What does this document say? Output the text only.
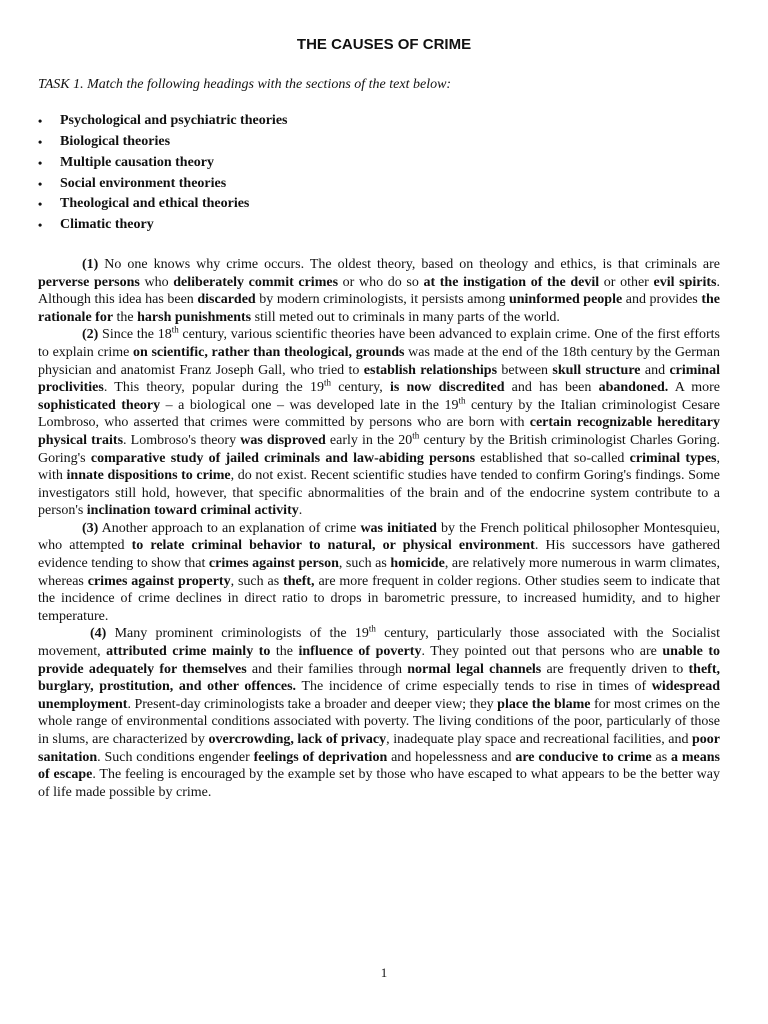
THE CAUSES OF CRIME
TASK 1. Match the following headings with the sections of the text below:
• Psychological and psychiatric theories
• Biological theories
• Multiple causation theory
• Social environment theories
• Theological and ethical theories
• Climatic theory

(1) No one knows why crime occurs. The oldest theory, based on theology and ethics, is that criminals are perverse persons who deliberately commit crimes or who do so at the instigation of the devil or other evil spirits. Although this idea has been discarded by modern criminologists, it persists among uninformed people and provides the rationale for the harsh punishments still meted out to criminals in many parts of the world.

(2) Since the 18th century, various scientific theories have been advanced to explain crime. One of the first efforts to explain crime on scientific, rather than theological, grounds was made at the end of the 18th century by the German physician and anatomist Franz Joseph Gall, who tried to establish relationships between skull structure and criminal proclivities. This theory, popular during the 19th century, is now discredited and has been abandoned. A more sophisticated theory – a biological one – was developed late in the 19th century by the Italian criminologist Cesare Lombroso, who asserted that crimes were committed by persons who are born with certain recognizable hereditary physical traits. Lombroso's theory was disproved early in the 20th century by the British criminologist Charles Goring. Goring's comparative study of jailed criminals and law-abiding persons established that so-called criminal types, with innate dispositions to crime, do not exist. Recent scientific studies have tended to confirm Goring's findings. Some investigators still hold, however, that specific abnormalities of the brain and of the endocrine system contribute to a person's inclination toward criminal activity.

(3) Another approach to an explanation of crime was initiated by the French political philosopher Montesquieu, who attempted to relate criminal behavior to natural, or physical environment. His successors have gathered evidence tending to show that crimes against person, such as homicide, are relatively more numerous in warm climates, whereas crimes against property, such as theft, are more frequent in colder regions. Other studies seem to indicate that the incidence of crime declines in direct ratio to drops in barometric pressure, to increased humidity, and to higher temperature.

(4) Many prominent criminologists of the 19th century, particularly those associated with the Socialist movement, attributed crime mainly to the influence of poverty. They pointed out that persons who are unable to provide adequately for themselves and their families through normal legal channels are frequently driven to theft, burglary, prostitution, and other offences. The incidence of crime especially tends to rise in times of widespread unemployment. Present-day criminologists take a broader and deeper view; they place the blame for most crimes on the whole range of environmental conditions associated with poverty. The living conditions of the poor, particularly of those in slums, are characterized by overcrowding, lack of privacy, inadequate play space and recreational facilities, and poor sanitation. Such conditions engender feelings of deprivation and hopelessness and are conducive to crime as a means of escape. The feeling is encouraged by the example set by those who have escaped to what appears to be the better way of life made possible by crime.

1
